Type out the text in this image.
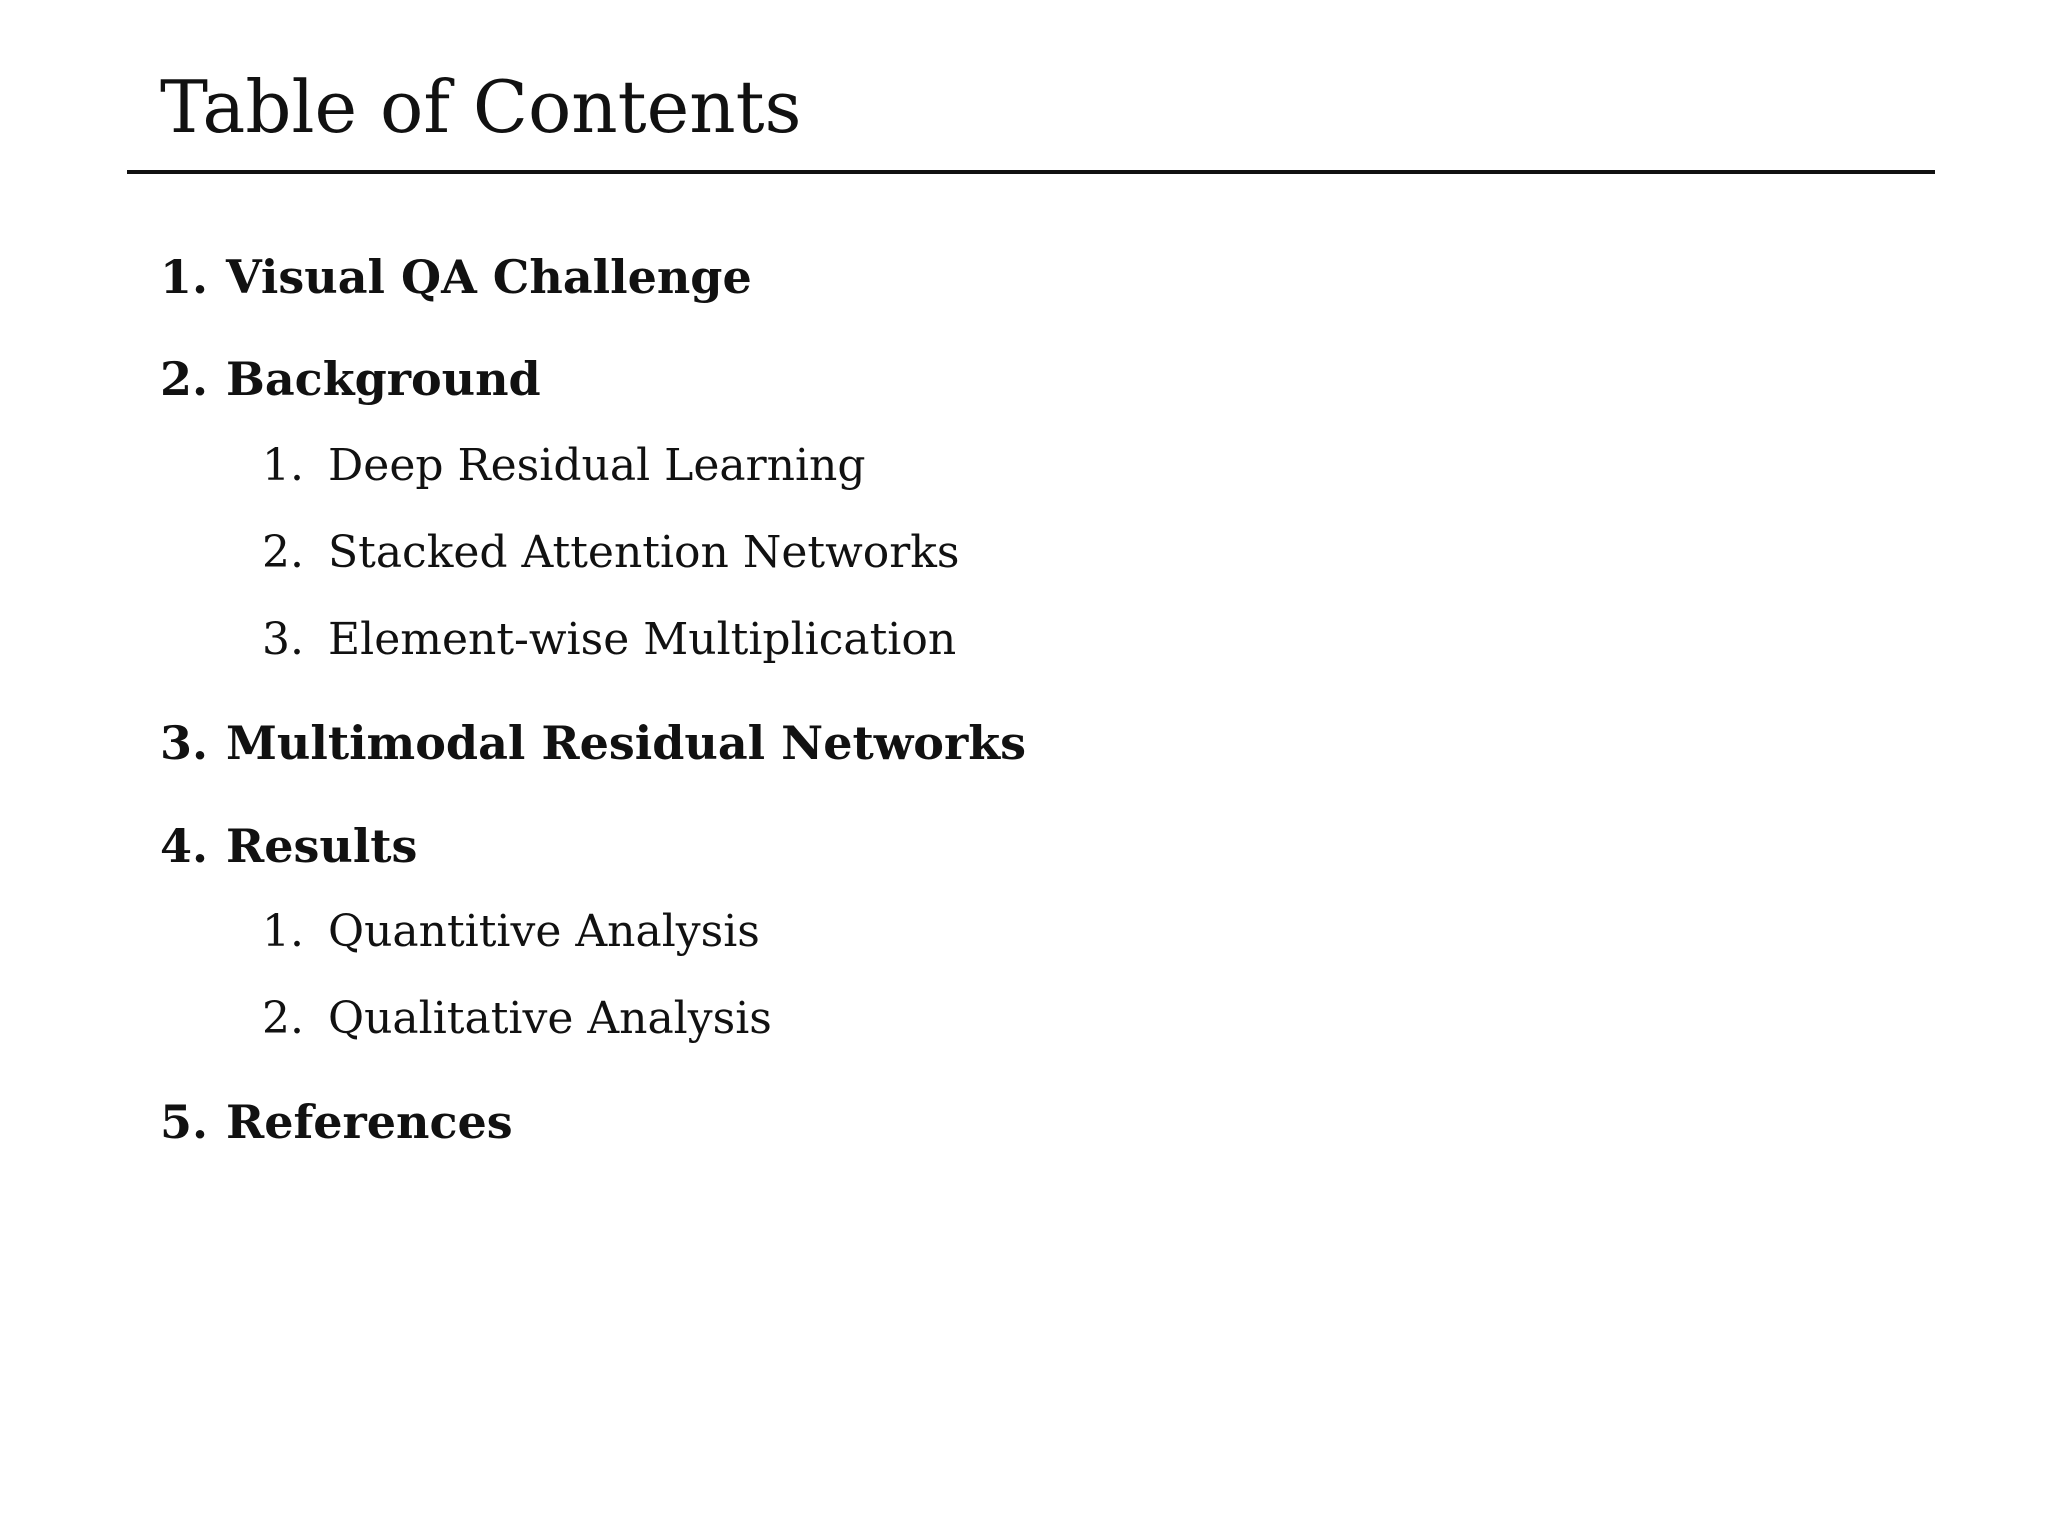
Table of Contents
1. Visual QA Challenge
2. Background
1. Deep Residual Learning
2. Stacked Attention Networks
3. Element-wise Multiplication
3. Multimodal Residual Networks
4. Results
1. Quantitive Analysis
2. Qualitative Analysis
5. References
